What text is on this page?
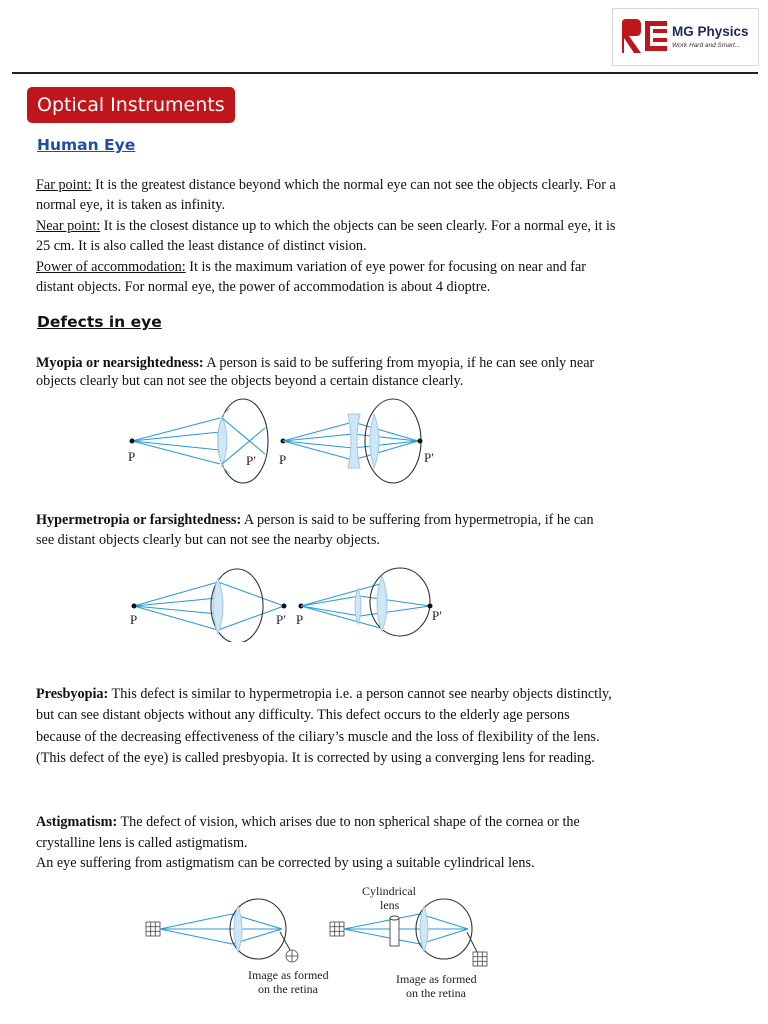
MG Physics
Work Hard and Smart...
Optical Instruments
Human Eye

Far point: It is the greatest distance beyond which the normal eye can not see the objects clearly. For a normal eye, it is taken as infinity.

Near point: It is the closest distance up to which the objects can be seen clearly. For a normal eye, it is 25 cm. It is also called the least distance of distinct vision.

Power of accommodation: It is the maximum variation of eye power for focusing on near and far distant objects. For normal eye, the power of accommodation is about 4 dioptre.

Defects in eye

Myopia or nearsightedness: A person is said to be suffering from myopia, if he can see only near objects clearly but can not see the objects beyond a certain distance clearly.

P	P′ P	P′

Hypermetropia or farsightedness: A person is said to be suffering from hypermetropia, if he can see distant objects clearly but can not see the nearby objects.

P	P′ P	P′

Presbyopia: This defect is similar to hypermetropia i.e. a person cannot see nearby objects distinctly, but can see distant objects without any difficulty. This defect occurs to the elderly age persons because of the decreasing effectiveness of the ciliary’s muscle and the loss of flexibility of the lens. (This defect of the eye) is called presbyopia. It is corrected by using a converging lens for reading.

Astigmatism: The defect of vision, which arises due to non spherical shape of the cornea or the crystalline lens is called astigmatism.

An eye suffering from astigmatism can be corrected by using a suitable cylindrical lens.

Image as formed
on the retina
Cylindrical
lens
Image as formed
on the retina
